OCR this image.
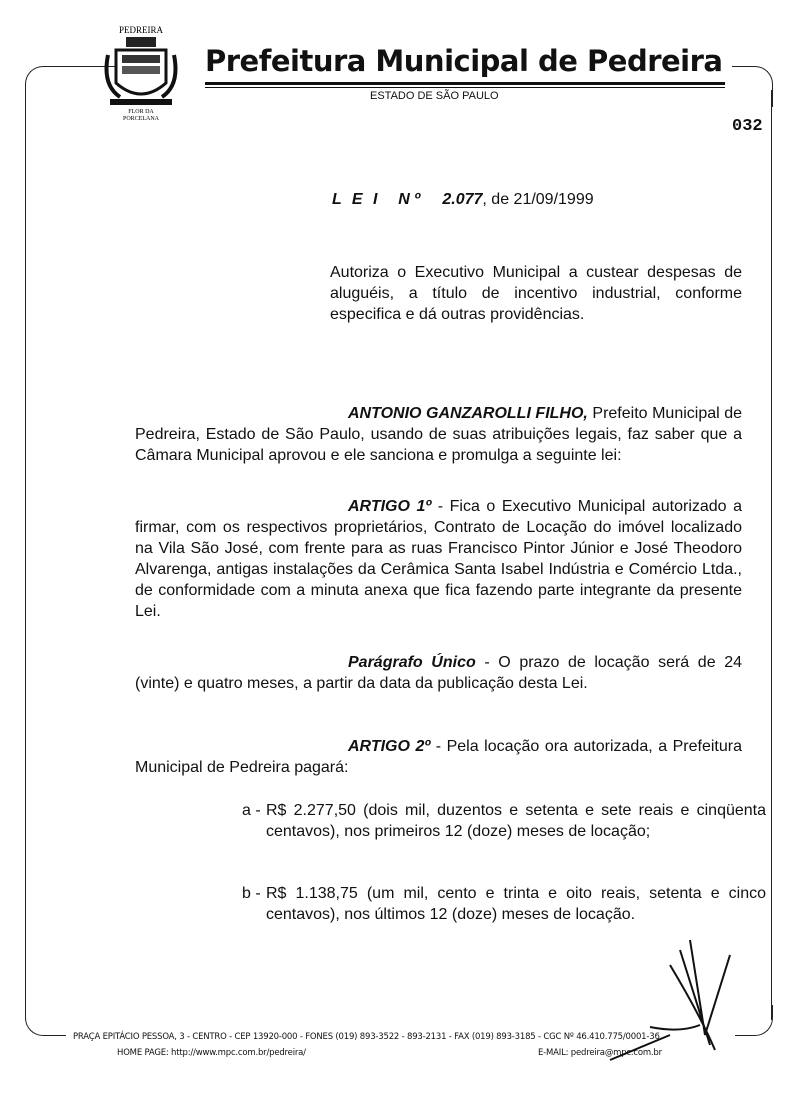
PEDREIRA
FLOR DA
PORCELANA
Prefeitura Municipal de Pedreira
ESTADO DE SÃO PAULO
032
L E I N º 2.077, de 21/09/1999
Autoriza o Executivo Municipal a custear despesas de aluguéis, a título de incentivo industrial, conforme especifica e dá outras providências.
ANTONIO GANZAROLLI FILHO, Prefeito Municipal de Pedreira, Estado de São Paulo, usando de suas atribuições legais, faz saber que a Câmara Municipal aprovou e ele sanciona e promulga a seguinte lei:
ARTIGO 1º - Fica o Executivo Municipal autorizado a firmar, com os respectivos proprietários, Contrato de Locação do imóvel localizado na Vila São José, com frente para as ruas Francisco Pintor Júnior e José Theodoro Alvarenga, antigas instalações da Cerâmica Santa Isabel Indústria e Comércio Ltda., de conformidade com a minuta anexa que fica fazendo parte integrante da presente Lei.
Parágrafo Único - O prazo de locação será de 24 (vinte) e quatro meses, a partir da data da publicação desta Lei.
ARTIGO 2º - Pela locação ora autorizada, a Prefeitura Municipal de Pedreira pagará:
a - R$ 2.277,50 (dois mil, duzentos e setenta e sete reais e cinqüenta centavos), nos primeiros 12 (doze) meses de locação;
b - R$ 1.138,75 (um mil, cento e trinta e oito reais, setenta e cinco centavos), nos últimos 12 (doze) meses de locação.
PRAÇA EPITÁCIO PESSOA, 3 - CENTRO - CEP 13920-000 - FONES (019) 893-3522 - 893-2131 - FAX (019) 893-3185 - CGC Nº 46.410.775/0001-36
HOME PAGE: http://www.mpc.com.br/pedreira/	E-MAIL: pedreira@mpc.com.br
